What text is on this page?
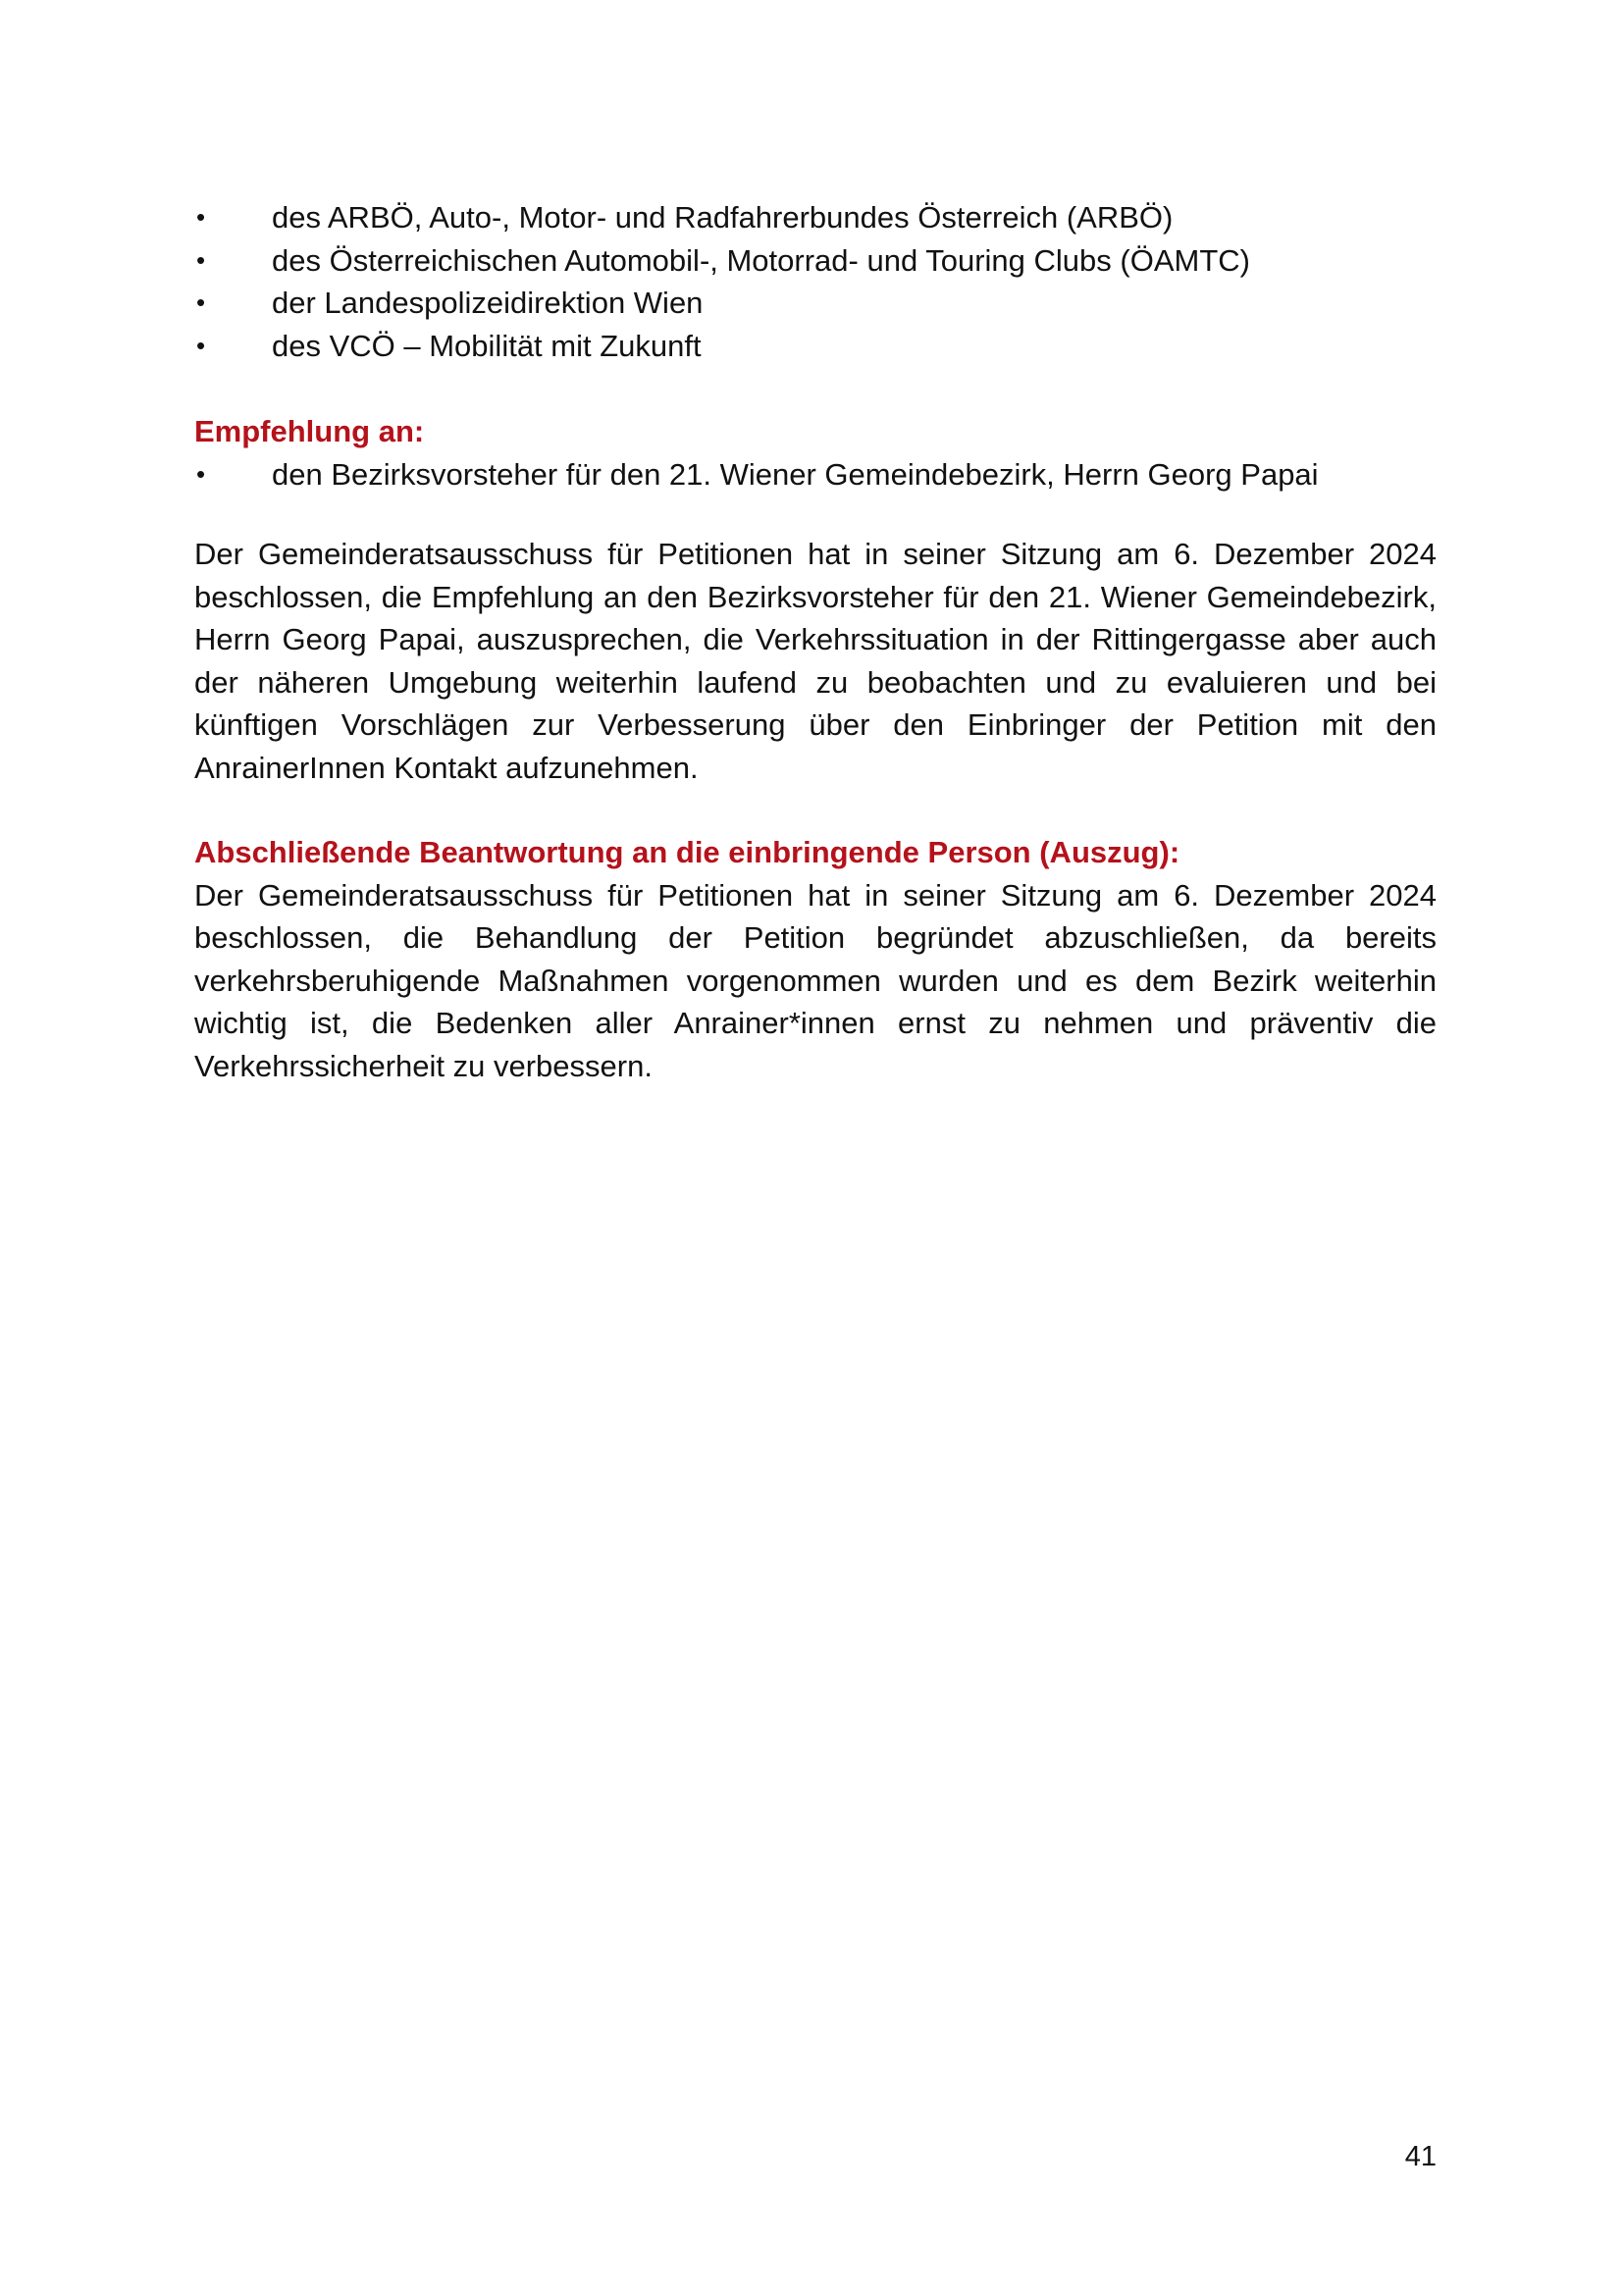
• des ARBÖ, Auto-, Motor- und Radfahrerbundes Österreich (ARBÖ)
• des Österreichischen Automobil-, Motorrad- und Touring Clubs (ÖAMTC)
• der Landespolizeidirektion Wien
• des VCÖ – Mobilität mit Zukunft
Empfehlung an:
• den Bezirksvorsteher für den 21. Wiener Gemeindebezirk, Herrn Georg Papai

Der Gemeinderatsausschuss für Petitionen hat in seiner Sitzung am 6. Dezember 2024 beschlossen, die Empfehlung an den Bezirksvorsteher für den 21. Wiener Gemeindebezirk, Herrn Georg Papai, auszusprechen, die Verkehrssituation in der Rittingergasse aber auch der näheren Umgebung weiterhin laufend zu beobachten und zu evaluieren und bei künftigen Vorschlägen zur Verbesserung über den Einbringer der Petition mit den AnrainerInnen Kontakt aufzunehmen.

Abschließende Beantwortung an die einbringende Person (Auszug):

Der Gemeinderatsausschuss für Petitionen hat in seiner Sitzung am 6. Dezember 2024 beschlossen, die Behandlung der Petition begründet abzuschließen, da bereits verkehrsberuhigende Maßnahmen vorgenommen wurden und es dem Bezirk weiterhin wichtig ist, die Bedenken aller Anrainer*innen ernst zu nehmen und präventiv die Verkehrssicherheit zu verbessern.

41
